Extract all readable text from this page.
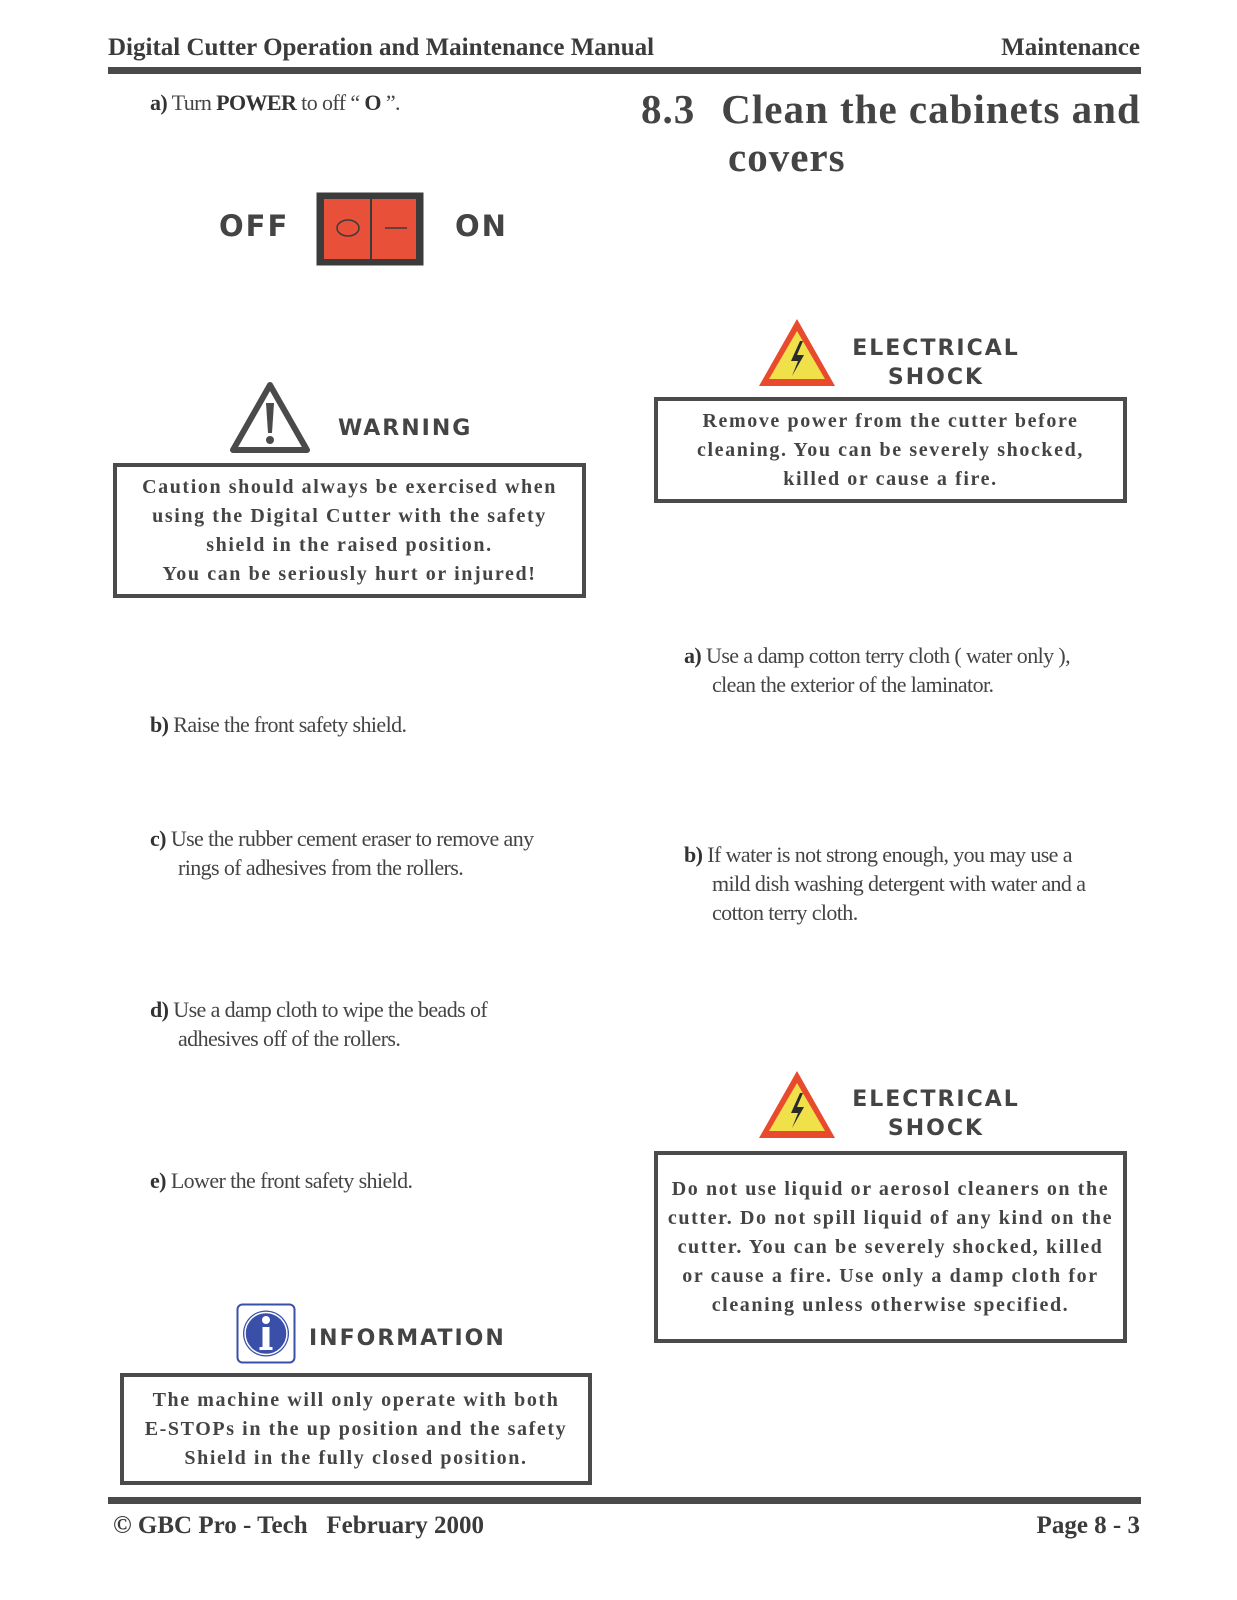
Digital Cutter Operation and Maintenance Manual	Maintenance
a) Turn POWER to off “ O ”.
OFF	ON
WARNING
Caution should always be exercised when
using the Digital Cutter with the safety
shield in the raised position.
You can be seriously hurt or injured!
b) Raise the front safety shield.
c) Use the rubber cement eraser to remove any
rings of adhesives from the rollers.
d) Use a damp cloth to wipe the beads of
adhesives off of the rollers.
e) Lower the front safety shield.
INFORMATION
The machine will only operate with both
E-STOPs in the up position and the safety
Shield in the fully closed position.
8.3 Clean the cabinets and
covers
ELECTRICAL
SHOCK
Remove power from the cutter before
cleaning. You can be severely shocked,
killed or cause a fire.
a) Use a damp cotton terry cloth ( water only ),
clean the exterior of the laminator.
b) If water is not strong enough, you may use a
mild dish washing detergent with water and a
cotton terry cloth.
ELECTRICAL
SHOCK
Do not use liquid or aerosol cleaners on the
cutter. Do not spill liquid of any kind on the
cutter. You can be severely shocked, killed
or cause a fire. Use only a damp cloth for
cleaning unless otherwise specified.
© GBC Pro - Tech   February 2000	Page 8 - 3
